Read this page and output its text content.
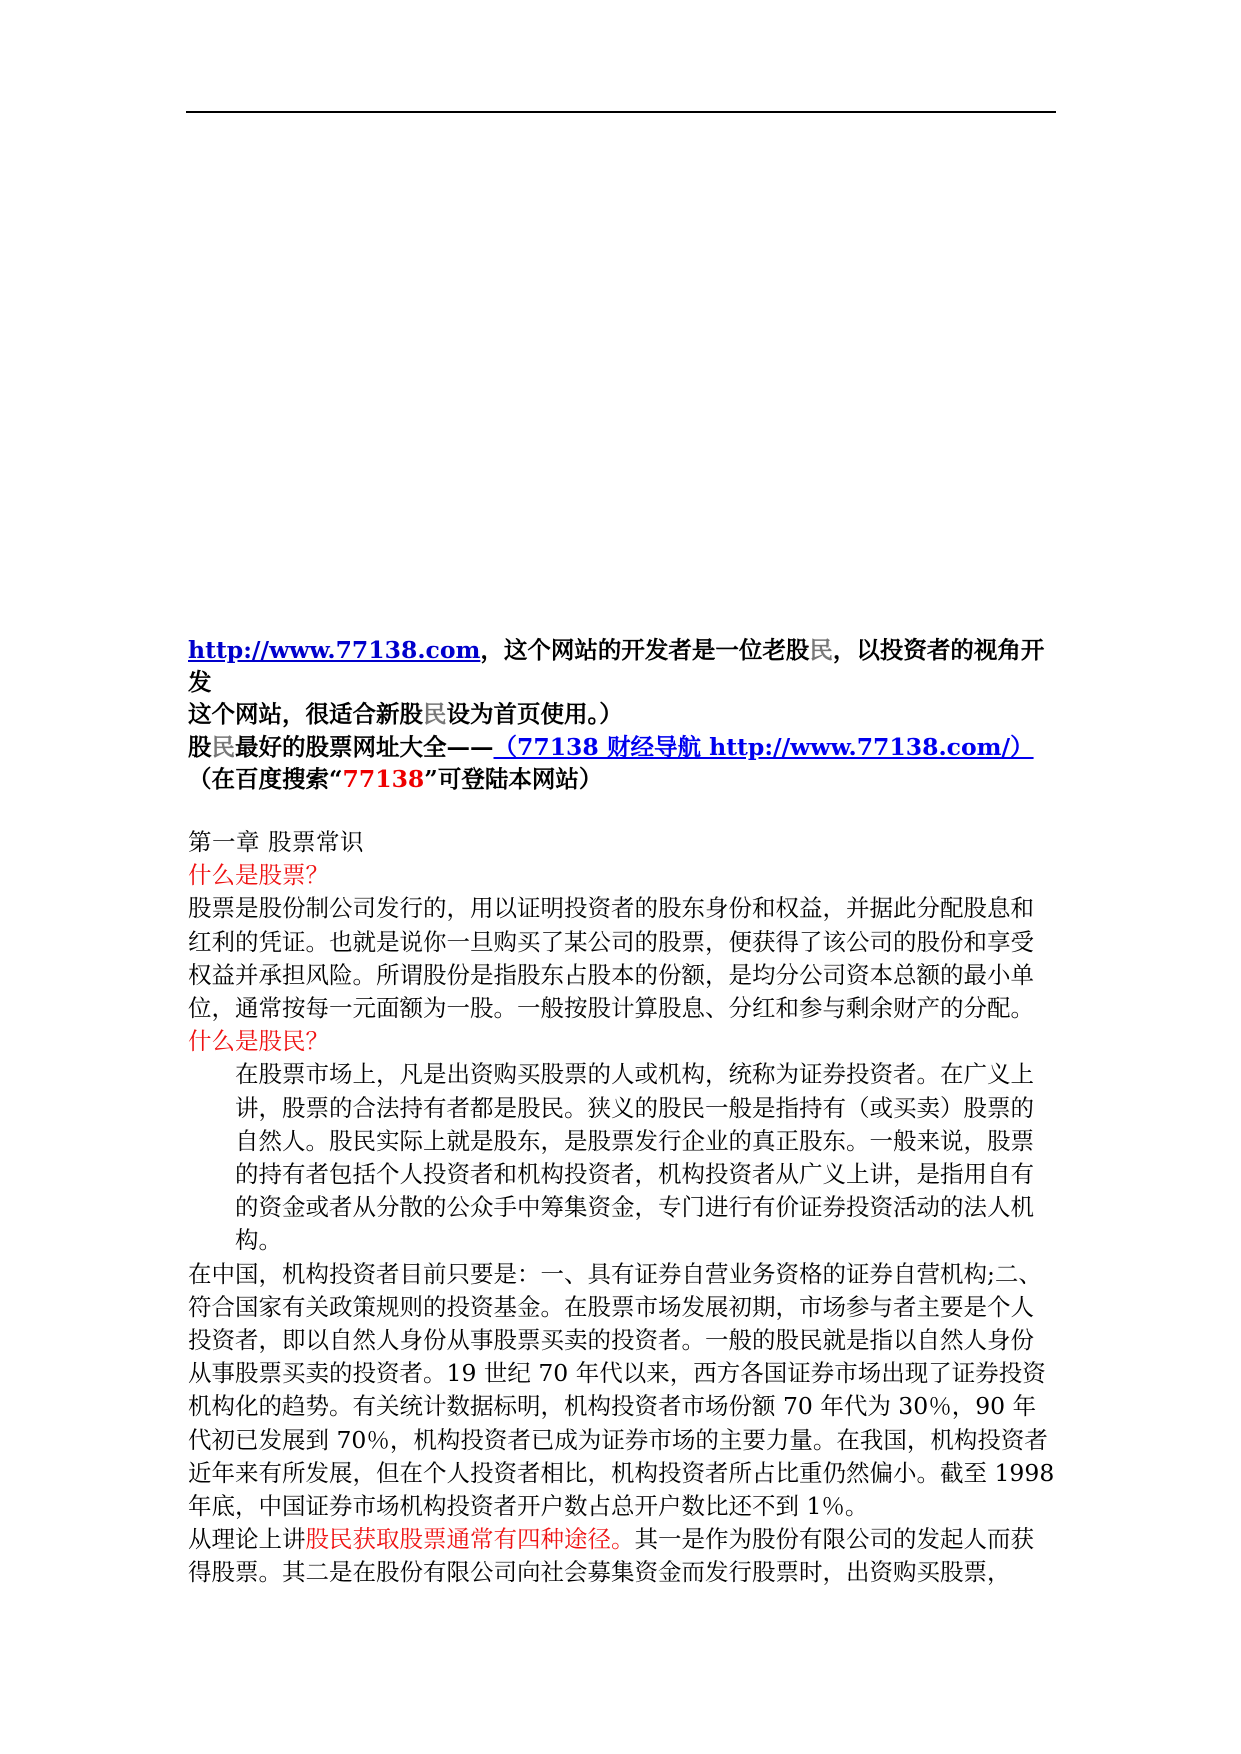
http://www.77138.com，这个网站的开发者是一位老股民，以投资者的视角开发
这个网站，很适合新股民设为首页使用。）
股民最好的股票网址大全——（77138 财经导航 http://www.77138.com/）
（在百度搜索“77138”可登陆本网站）

第一章 股票常识

什么是股票？

股票是股份制公司发行的，用以证明投资者的股东身份和权益，并据此分配股息和红利的凭证。也就是说你一旦购买了某公司的股票，便获得了该公司的股份和享受权益并承担风险。所谓股份是指股东占股本的份额，是均分公司资本总额的最小单位，通常按每一元面额为一股。一般按股计算股息、分红和参与剩余财产的分配。

什么是股民？

在股票市场上，凡是出资购买股票的人或机构，统称为证券投资者。在广义上讲，股票的合法持有者都是股民。狭义的股民一般是指持有（或买卖）股票的自然人。股民实际上就是股东，是股票发行企业的真正股东。一般来说，股票的持有者包括个人投资者和机构投资者，机构投资者从广义上讲，是指用自有的资金或者从分散的公众手中筹集资金，专门进行有价证券投资活动的法人机构。

在中国，机构投资者目前只要是：一、具有证券自营业务资格的证券自营机构;二、符合国家有关政策规则的投资基金。在股票市场发展初期，市场参与者主要是个人投资者，即以自然人身份从事股票买卖的投资者。一般的股民就是指以自然人身份从事股票买卖的投资者。19 世纪 70 年代以来，西方各国证券市场出现了证券投资机构化的趋势。有关统计数据标明，机构投资者市场份额 70 年代为 30％，90 年代初已发展到 70％，机构投资者已成为证券市场的主要力量。在我国，机构投资者近年来有所发展，但在个人投资者相比，机构投资者所占比重仍然偏小。截至 1998 年底，中国证券市场机构投资者开户数占总开户数比还不到 1％。

从理论上讲股民获取股票通常有四种途径。其一是作为股份有限公司的发起人而获得股票。其二是在股份有限公司向社会募集资金而发行股票时，出资购买股票，
